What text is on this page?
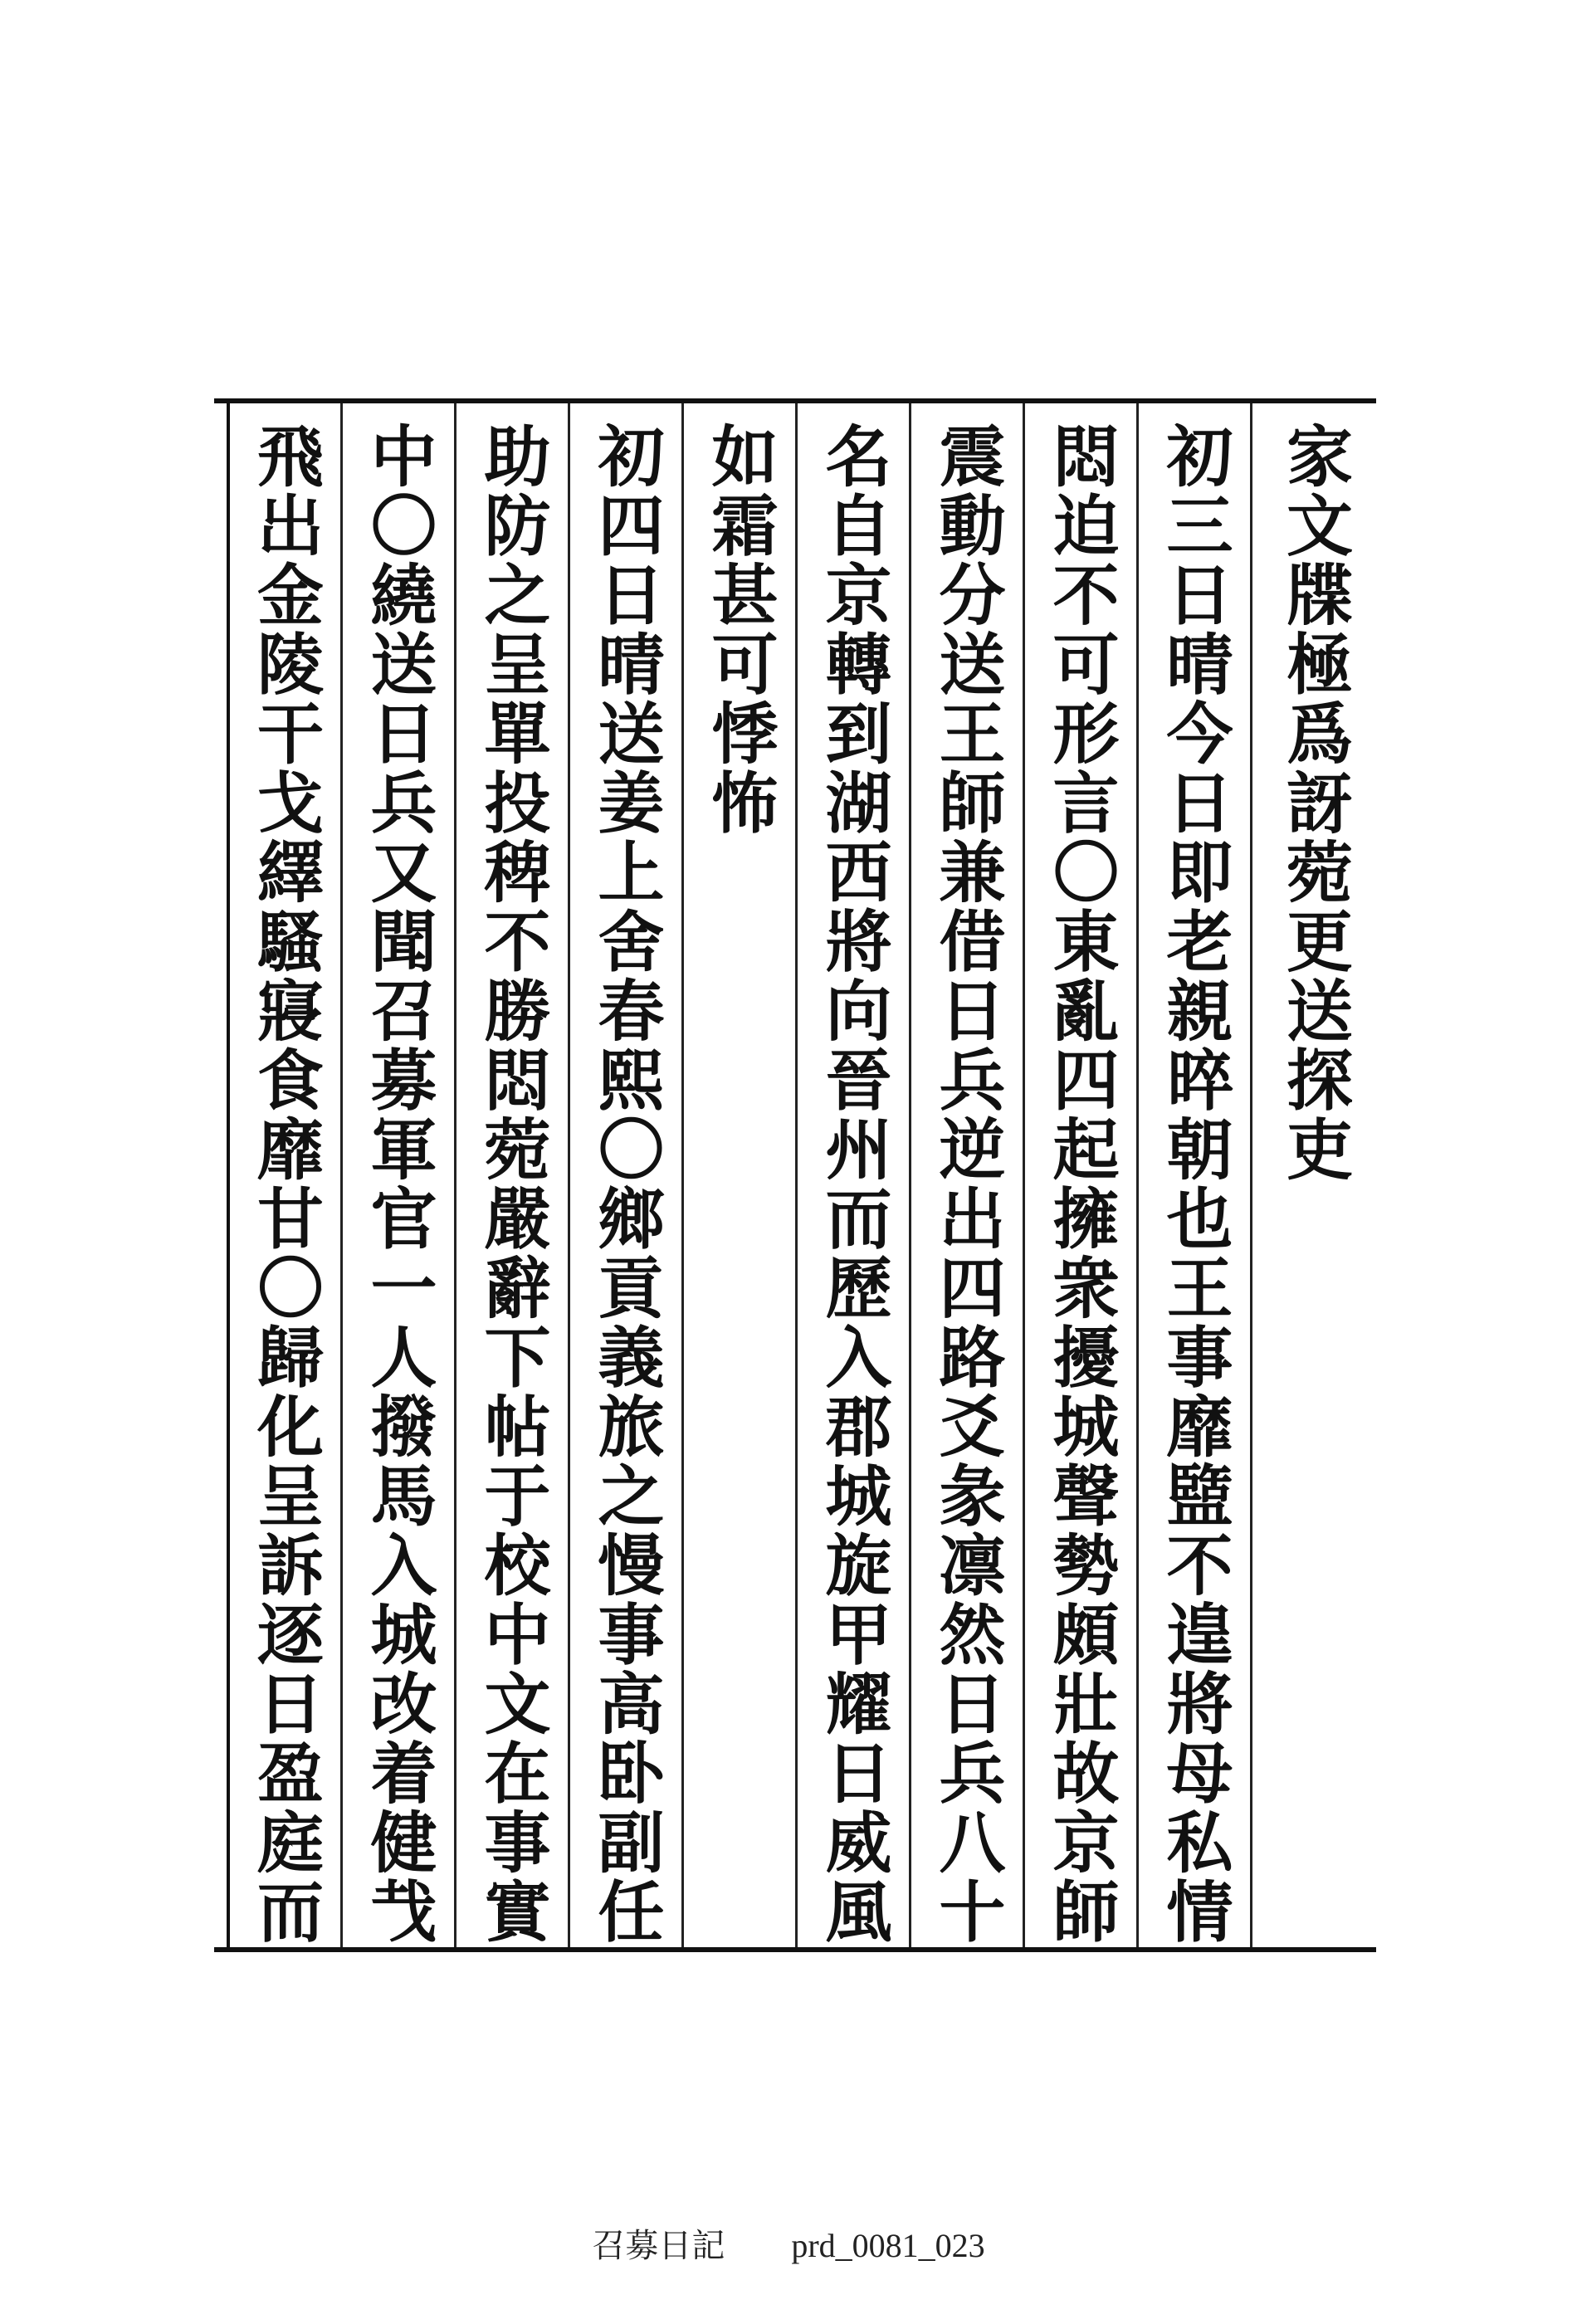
家文牒極爲訝菀更送探吏
初三日晴今日即老親晬朝也王事靡盬不遑將母私情
悶迫不可形言〇東亂四起擁衆擾城聲勢頗壯故京師
震動分送王師兼借日兵逆出四路爻彖凛然日兵八十
名自京轉到湖西將向晉州而歷入郡城旋甲耀日威風
如霜甚可悸怖
初四日晴送姜上舍春熙〇鄉貢義旅之慢事高卧副任
助防之呈單投稗不勝悶菀嚴辭下帖于校中文在事實
中〇繞送日兵又聞召募軍官一人撥馬入城改着健𢦏
飛出金陵干戈繹騷寢食靡甘〇歸化呈訴逐日盈庭而
召募日記 prd_0081_023
